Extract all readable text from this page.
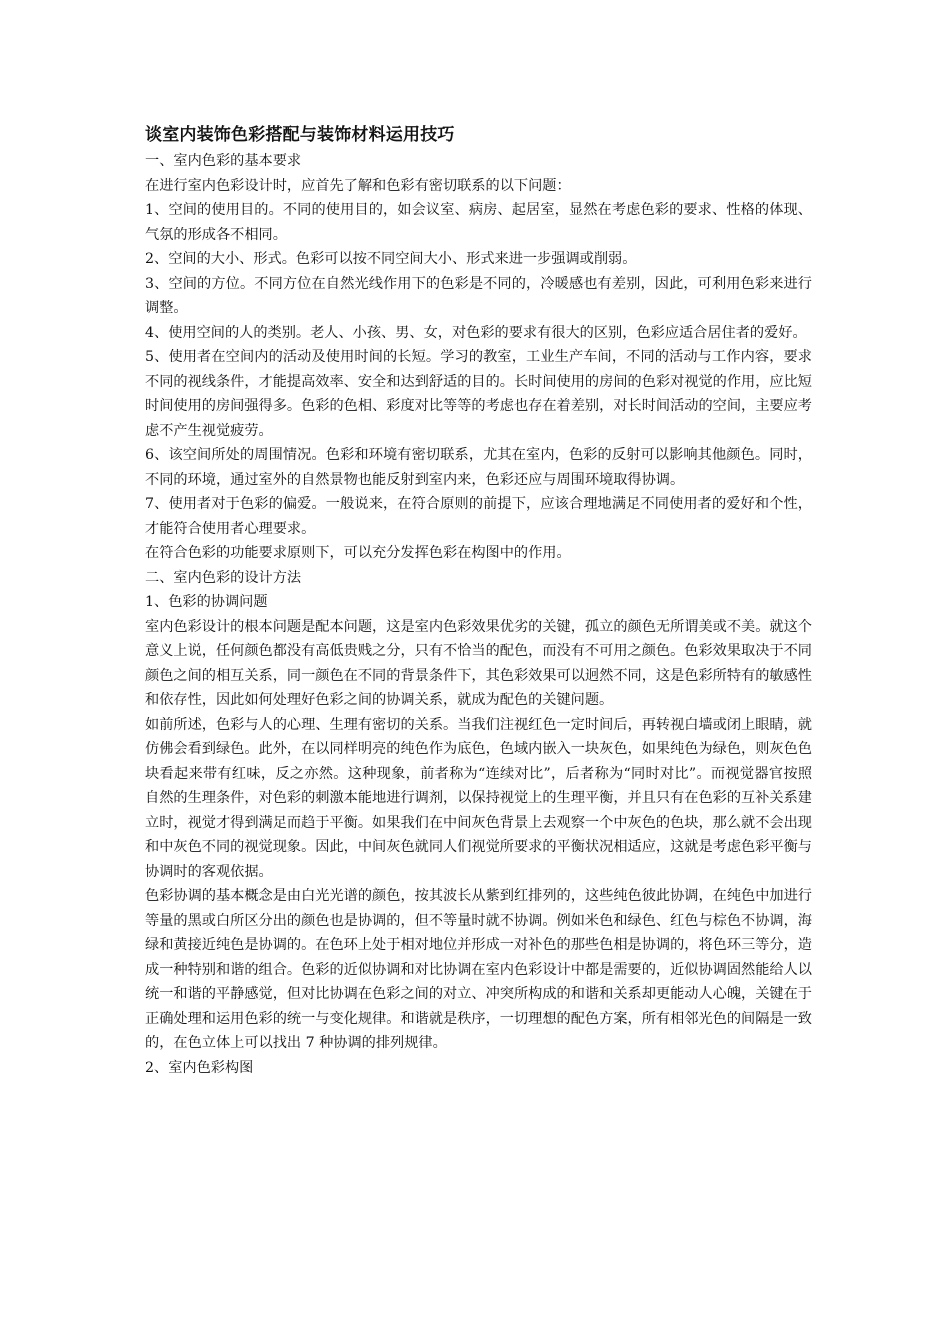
谈室内装饰色彩搭配与装饰材料运用技巧

一、室内色彩的基本要求

在进行室内色彩设计时，应首先了解和色彩有密切联系的以下问题：

1、空间的使用目的。不同的使用目的，如会议室、病房、起居室，显然在考虑色彩的要求、性格的体现、气氛的形成各不相同。

2、空间的大小、形式。色彩可以按不同空间大小、形式来进一步强调或削弱。

3、空间的方位。不同方位在自然光线作用下的色彩是不同的，冷暖感也有差别，因此，可利用色彩来进行调整。

4、使用空间的人的类别。老人、小孩、男、女，对色彩的要求有很大的区别，色彩应适合居住者的爱好。

5、使用者在空间内的活动及使用时间的长短。学习的教室，工业生产车间，不同的活动与工作内容，要求不同的视线条件，才能提高效率、安全和达到舒适的目的。长时间使用的房间的色彩对视觉的作用，应比短时间使用的房间强得多。色彩的色相、彩度对比等等的考虑也存在着差别，对长时间活动的空间，主要应考虑不产生视觉疲劳。

6、该空间所处的周围情况。色彩和环境有密切联系，尤其在室内，色彩的反射可以影响其他颜色。同时，不同的环境，通过室外的自然景物也能反射到室内来，色彩还应与周围环境取得协调。

7、使用者对于色彩的偏爱。一般说来，在符合原则的前提下，应该合理地满足不同使用者的爱好和个性，才能符合使用者心理要求。

在符合色彩的功能要求原则下，可以充分发挥色彩在构图中的作用。

二、室内色彩的设计方法

1、色彩的协调问题

室内色彩设计的根本问题是配本问题，这是室内色彩效果优劣的关键，孤立的颜色无所谓美或不美。就这个意义上说，任何颜色都没有高低贵贱之分，只有不恰当的配色，而没有不可用之颜色。色彩效果取决于不同颜色之间的相互关系，同一颜色在不同的背景条件下，其色彩效果可以迥然不同，这是色彩所特有的敏感性和依存性，因此如何处理好色彩之间的协调关系，就成为配色的关键问题。

如前所述，色彩与人的心理、生理有密切的关系。当我们注视红色一定时间后，再转视白墙或闭上眼睛，就仿佛会看到绿色。此外，在以同样明亮的纯色作为底色，色域内嵌入一块灰色，如果纯色为绿色，则灰色色块看起来带有红味，反之亦然。这种现象，前者称为“连续对比”，后者称为“同时对比”。而视觉器官按照自然的生理条件，对色彩的刺激本能地进行调剂，以保持视觉上的生理平衡，并且只有在色彩的互补关系建立时，视觉才得到满足而趋于平衡。如果我们在中间灰色背景上去观察一个中灰色的色块，那么就不会出现和中灰色不同的视觉现象。因此，中间灰色就同人们视觉所要求的平衡状况相适应，这就是考虑色彩平衡与协调时的客观依据。

色彩协调的基本概念是由白光光谱的颜色，按其波长从紫到红排列的，这些纯色彼此协调，在纯色中加进行等量的黑或白所区分出的颜色也是协调的，但不等量时就不协调。例如米色和绿色、红色与棕色不协调，海绿和黄接近纯色是协调的。在色环上处于相对地位并形成一对补色的那些色相是协调的，将色环三等分，造成一种特别和谐的组合。色彩的近似协调和对比协调在室内色彩设计中都是需要的，近似协调固然能给人以统一和谐的平静感觉，但对比协调在色彩之间的对立、冲突所构成的和谐和关系却更能动人心魄，关键在于正确处理和运用色彩的统一与变化规律。和谐就是秩序，一切理想的配色方案，所有相邻光色的间隔是一致的，在色立体上可以找出 7 种协调的排列规律。

2、室内色彩构图
